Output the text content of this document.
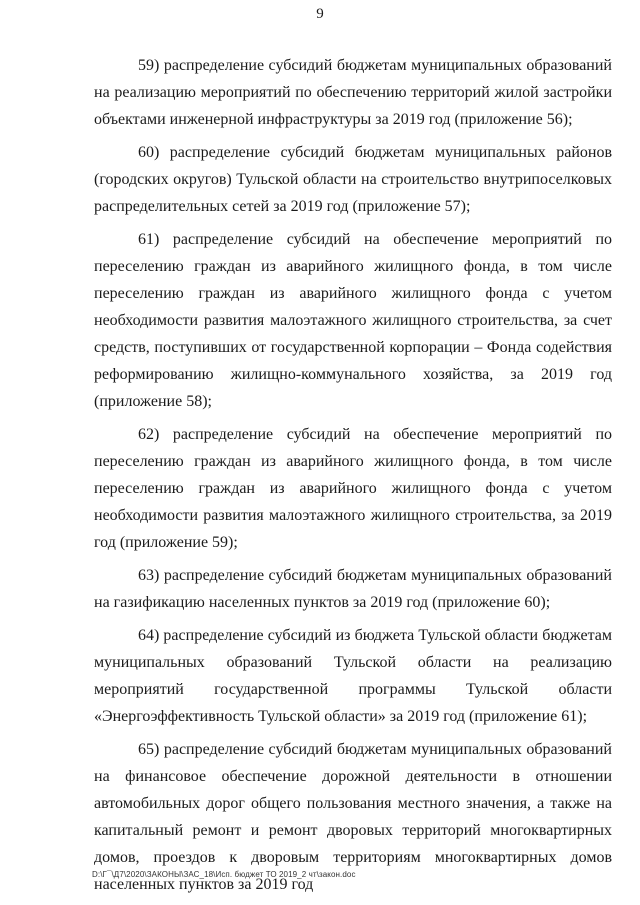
9

59) распределение субсидий бюджетам муниципальных образований на реализацию мероприятий по обеспечению территорий жилой застройки объектами инженерной инфраструктуры за 2019 год (приложение 56);

60) распределение субсидий бюджетам муниципальных районов (городских округов) Тульской области на строительство внутрипоселковых распределительных сетей за 2019 год (приложение 57);

61) распределение субсидий на обеспечение мероприятий по переселению граждан из аварийного жилищного фонда, в том числе переселению граждан из аварийного жилищного фонда с учетом необходимости развития малоэтажного жилищного строительства, за счет средств, поступивших от государственной корпорации – Фонда содействия реформированию жилищно-коммунального хозяйства, за 2019 год (приложение 58);

62) распределение субсидий на обеспечение мероприятий по переселению граждан из аварийного жилищного фонда, в том числе переселению граждан из аварийного жилищного фонда с учетом необходимости развития малоэтажного жилищного строительства, за 2019 год (приложение 59);

63) распределение субсидий бюджетам муниципальных образований на газификацию населенных пунктов за 2019 год (приложение 60);

64) распределение субсидий из бюджета Тульской области бюджетам муниципальных образований Тульской области на реализацию мероприятий государственной программы Тульской области «Энергоэффективность Тульской области» за 2019 год (приложение 61);

65) распределение субсидий бюджетам муниципальных образований на финансовое обеспечение дорожной деятельности в отношении автомобильных дорог общего пользования местного значения, а также на капитальный ремонт и ремонт дворовых территорий многоквартирных домов, проездов к дворовым территориям многоквартирных домов населенных пунктов за 2019 год

D:\Г¯\Д7\2020\ЗАКОНЫ\ЗАС_18\Исп. бюджет ТО 2019_2 чт\закон.doc
